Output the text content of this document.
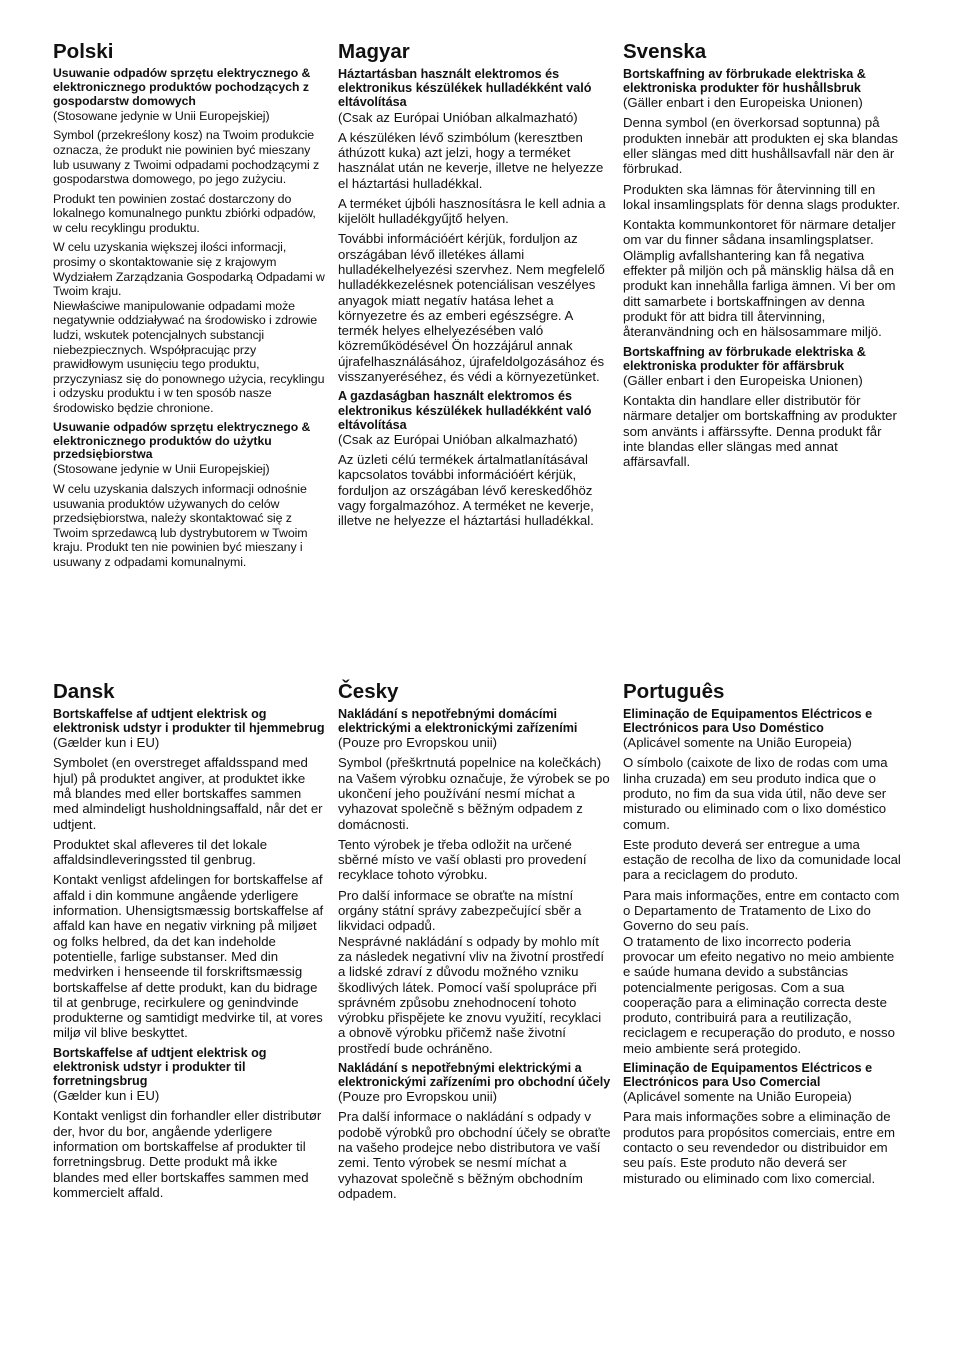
Polski

Usuwanie odpadów sprzętu elektrycznego & elektronicznego produktów pochodzących z gospodarstw domowych

(Stosowane jedynie w Unii Europejskiej)

Symbol (przekreślony kosz) na Twoim produkcie oznacza, że produkt nie powinien być mieszany lub usuwany z Twoimi odpadami pochodzącymi z gospodarstwa domowego, po jego zużyciu.

Produkt ten powinien zostać dostarczony do lokalnego komunalnego punktu zbiórki odpadów, w celu recyklingu produktu.

W celu uzyskania większej ilości informacji, prosimy o skontaktowanie się z krajowym Wydziałem Zarządzania Gospodarką Odpadami w Twoim kraju.

Niewłaściwe manipulowanie odpadami może negatywnie oddziaływać na środowisko i zdrowie ludzi, wskutek potencjalnych substancji niebezpiecznych. Współpracując przy prawidłowym usunięciu tego produktu, przyczyniasz się do ponownego użycia, recyklingu i odzysku produktu i w ten sposób nasze środowisko będzie chronione.

Usuwanie odpadów sprzętu elektrycznego & elektronicznego produktów do użytku przedsiębiorstwa

(Stosowane jedynie w Unii Europejskiej)

W celu uzyskania dalszych informacji odnośnie usuwania produktów używanych do celów przedsiębiorstwa, należy skontaktować się z Twoim sprzedawcą lub dystrybutorem w Twoim kraju. Produkt ten nie powinien być mieszany i usuwany z odpadami komunalnymi.

Magyar

Háztartásban használt elektromos és elektronikus készülékek hulladékként való eltávolítása

(Csak az Európai Unióban alkalmazható)

A készüléken lévő szimbólum (keresztben áthúzott kuka) azt jelzi, hogy a terméket használat után ne keverje, illetve ne helyezze el háztartási hulladékkal.

A terméket újbóli hasznosításra le kell adnia a kijelölt hulladékgyűjtő helyen.

További információért kérjük, forduljon az országában lévő illetékes állami hulladékelhelyezési szervhez. Nem megfelelő hulladékkezelésnek potenciálisan veszélyes anyagok miatt negatív hatása lehet a környezetre és az emberi egészségre. A termék helyes elhelyezésében való közreműködésével Ön hozzájárul annak újrafelhasználásához, újrafeldolgozásához és visszanyeréséhez, és védi a környezetünket.

A gazdaságban használt elektromos és elektronikus készülékek hulladékként való eltávolítása

(Csak az Európai Unióban alkalmazható)

Az üzleti célú termékek ártalmatlanításával kapcsolatos további információért kérjük, forduljon az országában lévő kereskedőhöz vagy forgalmazóhoz. A terméket ne keverje, illetve ne helyezze el háztartási hulladékkal.

Svenska

Bortskaffning av förbrukade elektriska & elektroniska produkter för hushållsbruk

(Gäller enbart i den Europeiska Unionen)

Denna symbol (en överkorsad soptunna) på produkten innebär att produkten ej ska blandas eller slängas med ditt hushållsavfall när den är förbrukad.

Produkten ska lämnas för återvinning till en lokal insamlingsplats för denna slags produkter.

Kontakta kommunkontoret för närmare detaljer om var du finner sådana insamlingsplatser.

Olämplig avfallshantering kan få negativa effekter på miljön och på mänsklig hälsa då en produkt kan innehålla farliga ämnen. Vi ber om ditt samarbete i bortskaffningen av denna produkt för att bidra till återvinning, återanvändning och en hälsosammare miljö.

Bortskaffning av förbrukade elektriska & elektroniska produkter för affärsbruk

(Gäller enbart i den Europeiska Unionen)

Kontakta din handlare eller distributör för närmare detaljer om bortskaffning av produkter som använts i affärssyfte. Denna produkt får inte blandas eller slängas med annat affärsavfall.

Dansk

Bortskaffelse af udtjent elektrisk og elektronisk udstyr i produkter til hjemmebrug

(Gælder kun i EU)

Symbolet (en overstreget affaldsspand med hjul) på produktet angiver, at produktet ikke må blandes med eller bortskaffes sammen med almindeligt husholdningsaffald, når det er udtjent.

Produktet skal afleveres til det lokale affaldsindleveringssted til genbrug.

Kontakt venligst afdelingen for bortskaffelse af affald i din kommune angående yderligere information. Uhensigtsmæssig bortskaffelse af affald kan have en negativ virkning på miljøet og folks helbred, da det kan indeholde potentielle, farlige substanser. Med din medvirken i henseende til forskriftsmæssig bortskaffelse af dette produkt, kan du bidrage til at genbruge, recirkulere og genindvinde produkterne og samtidigt medvirke til, at vores miljø vil blive beskyttet.

Bortskaffelse af udtjent elektrisk og elektronisk udstyr i produkter til forretningsbrug

(Gælder kun i EU)

Kontakt venligst din forhandler eller distributør der, hvor du bor, angående yderligere information om bortskaffelse af produkter til forretningsbrug. Dette produkt må ikke blandes med eller bortskaffes sammen med kommercielt affald.

Česky

Nakládání s nepotřebnými domácími elektrickými a elektronickými zařízeními

(Pouze pro Evropskou unii)

Symbol (přeškrtnutá popelnice na kolečkách) na Vašem výrobku označuje, že výrobek se po ukončení jeho používání nesmí míchat a vyhazovat společně s běžným odpadem z domácnosti.

Tento výrobek je třeba odložit na určené sběrné místo ve vaší oblasti pro provedení recyklace tohoto výrobku.

Pro další informace se obraťte na místní orgány státní správy zabezpečující sběr a likvidaci odpadů.

Nesprávné nakládání s odpady by mohlo mít za následek negativní vliv na životní prostředí a lidské zdraví z důvodu možného vzniku škodlivých látek. Pomocí vaší spolupráce při správném způsobu znehodnocení tohoto výrobku přispějete ke znovu využití, recyklaci a obnově výrobku přičemž naše životní prostředí bude ochráněno.

Nakládání s nepotřebnými elektrickými a elektronickými zařízeními pro obchodní účely

(Pouze pro Evropskou unii)

Pra další informace o nakládání s odpady v podobě výrobků pro obchodní účely se obraťte na vašeho prodejce nebo distributora ve vaší zemi. Tento výrobek se nesmí míchat a vyhazovat společně s běžným obchodním odpadem.

Português

Eliminação de Equipamentos Eléctricos e Electrónicos para Uso Doméstico

(Aplicável somente na União Europeia)

O símbolo (caixote de lixo de rodas com uma linha cruzada) em seu produto indica que o produto, no fim da sua vida útil, não deve ser misturado ou eliminado com o lixo doméstico comum.

Este produto deverá ser entregue a uma estação de recolha de lixo da comunidade local para a reciclagem do produto.

Para mais informações, entre em contacto com o Departamento de Tratamento de Lixo do Governo do seu país.

O tratamento de lixo incorrecto poderia provocar um efeito negativo no meio ambiente e saúde humana devido a substâncias potencialmente perigosas. Com a sua cooperação para a eliminação correcta deste produto, contribuirá para a reutilização, reciclagem e recuperação do produto, e nosso meio ambiente será protegido.

Eliminação de Equipamentos Eléctricos e Electrónicos para Uso Comercial

(Aplicável somente na União Europeia)

Para mais informações sobre a eliminação de produtos para propósitos comerciais, entre em contacto o seu revendedor ou distribuidor em seu país. Este produto não deverá ser misturado ou eliminado com lixo comercial.
